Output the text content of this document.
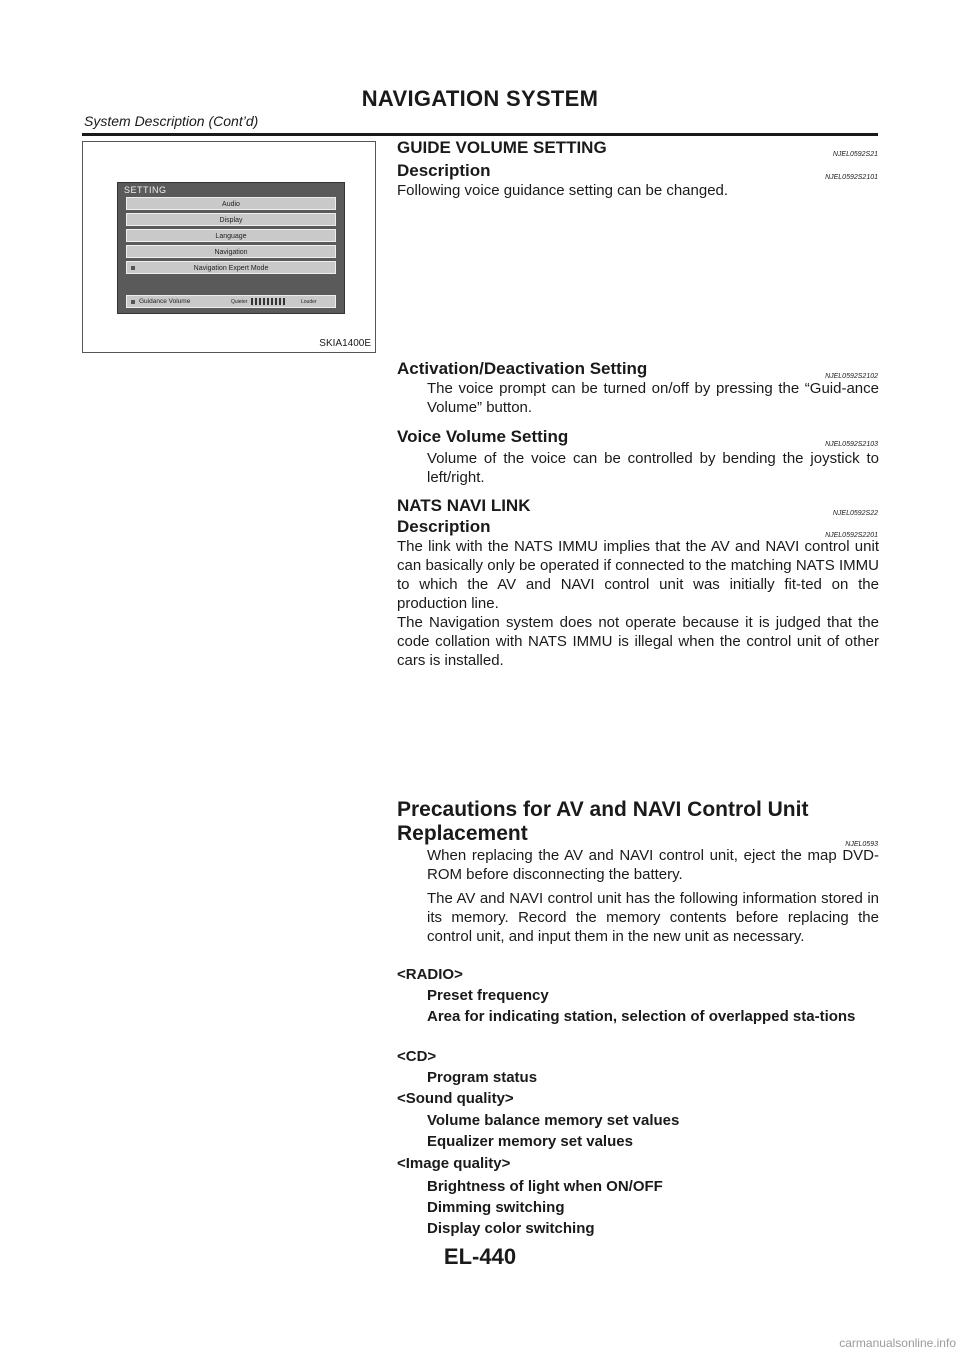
NAVIGATION SYSTEM
System Description (Cont’d)
SETTING
Audio
Display
Language
Navigation
Navigation Expert Mode
Guidance Volume	Quieter	Louder
SKIA1400E
GUIDE VOLUME SETTING	NJEL0592S21
Description	NJEL0592S2101
Following voice guidance setting can be changed.
Activation/Deactivation Setting	NJEL0592S2102
The voice prompt can be turned on/off by pressing the “Guid-ance Volume” button.
Voice Volume Setting	NJEL0592S2103
Volume of the voice can be controlled by bending the joystick to left/right.
NATS NAVI LINK	NJEL0592S22
Description	NJEL0592S2201
The link with the NATS IMMU implies that the AV and NAVI control unit can basically only be operated if connected to the matching NATS IMMU to which the AV and NAVI control unit was initially fit-ted on the production line.
The Navigation system does not operate because it is judged that the code collation with NATS IMMU is illegal when the control unit of other cars is installed.
Precautions for AV and NAVI Control Unit
Replacement	NJEL0593
When replacing the AV and NAVI control unit, eject the map DVD-ROM before disconnecting the battery.
The AV and NAVI control unit has the following information stored in its memory. Record the memory contents before replacing the control unit, and input them in the new unit as necessary.
<RADIO>
Preset frequency
Area for indicating station, selection of overlapped sta-tions
<CD>
Program status
<Sound quality>
Volume balance memory set values
Equalizer memory set values
<Image quality>
Brightness of light when ON/OFF
Dimming switching
Display color switching
EL-440
carmanualsonline.info
